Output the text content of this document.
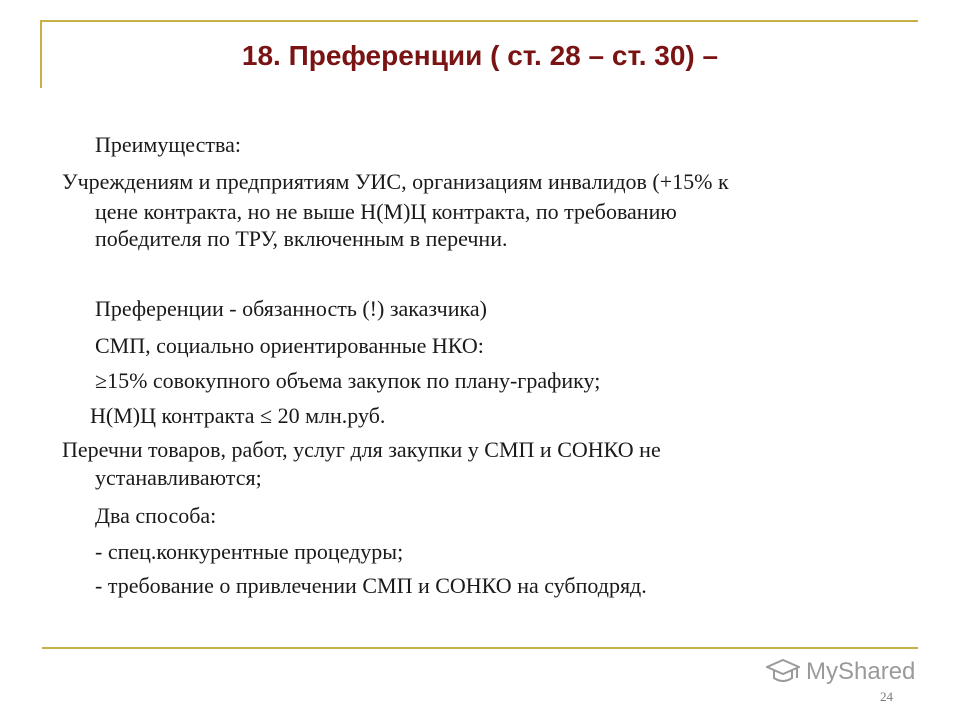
18. Преференции ( ст. 28 – ст. 30) –
Преимущества:
Учреждениям и предприятиям УИС, организациям инвалидов (+15% к
цене контракта, но не выше Н(М)Ц контракта, по требованию
победителя по ТРУ, включенным в перечни.
Преференции - обязанность (!) заказчика)
СМП, социально ориентированные НКО:
≥15% совокупного объема закупок по плану-графику;
Н(М)Ц контракта ≤ 20 млн.руб.
Перечни товаров, работ, услуг для закупки у СМП и СОНКО не
устанавливаются;
Два способа:
- спец.конкурентные процедуры;
- требование о привлечении СМП и СОНКО на субподряд.
MyShared
24
